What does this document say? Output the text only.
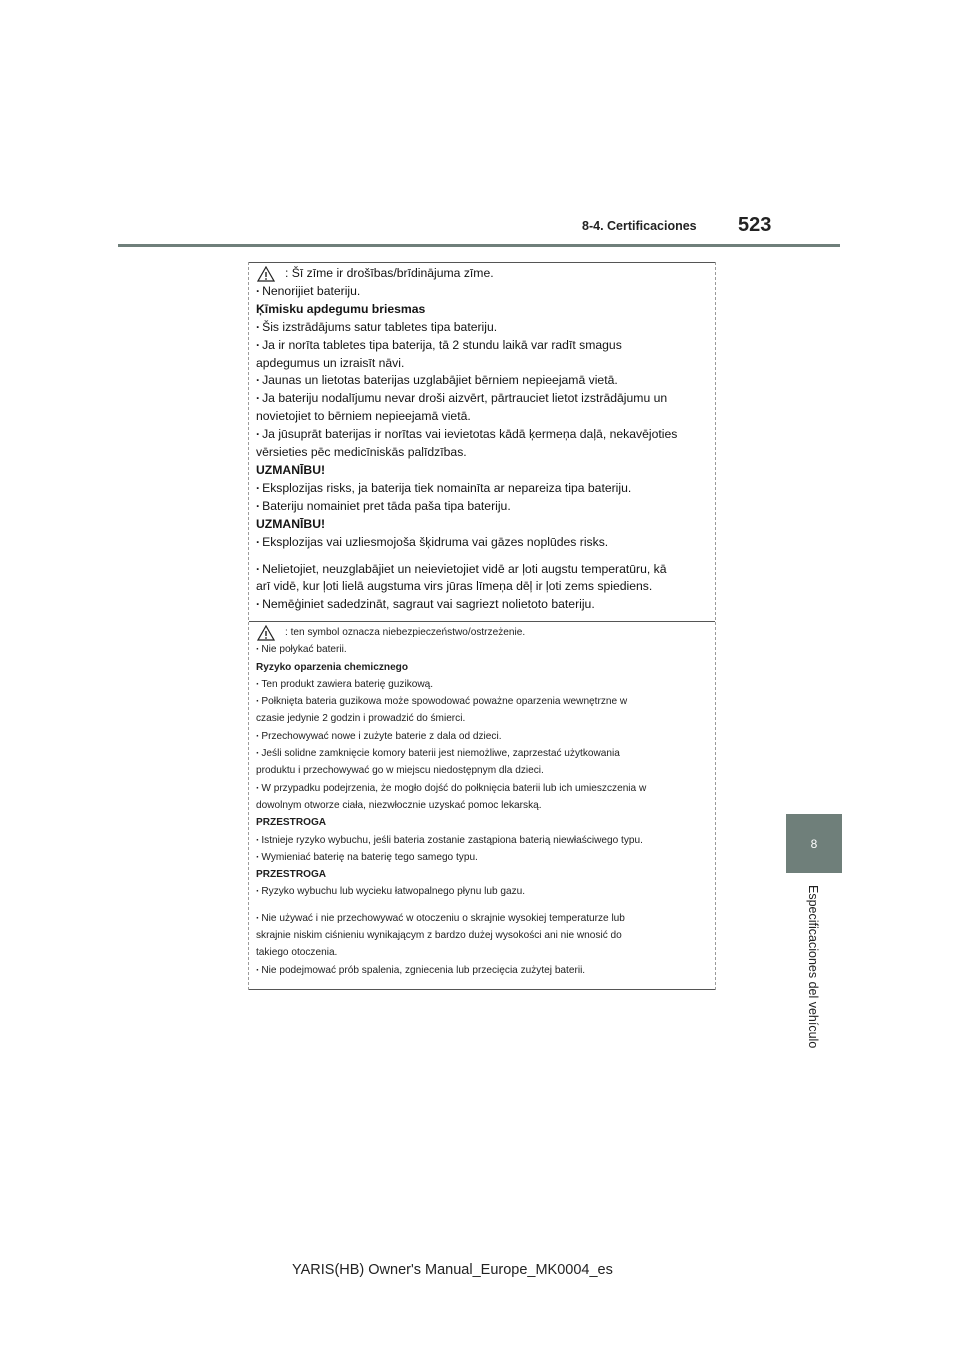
8-4. Certificaciones 523
8
Especificaciones del vehículo
: Šī zīme ir drošības/brīdinājuma zīme.
· Nenorijiet bateriju.
Ķīmisku apdegumu briesmas
· Šis izstrādājums satur tabletes tipa bateriju.
· Ja ir norīta tabletes tipa baterija, tā 2 stundu laikā var radīt smagus
apdegumus un izraisīt nāvi.
· Jaunas un lietotas baterijas uzglabājiet bērniem nepieejamā vietā.
· Ja bateriju nodalījumu nevar droši aizvērt, pārtrauciet lietot izstrādājumu un
novietojiet to bērniem nepieejamā vietā.
· Ja jūsuprāt baterijas ir norītas vai ievietotas kādā ķermeņa daļā, nekavējoties
vērsieties pēc medicīniskās palīdzības.
UZMANĪBU!
· Eksplozijas risks, ja baterija tiek nomainīta ar nepareiza tipa bateriju.
· Bateriju nomainiet pret tāda paša tipa bateriju.
UZMANĪBU!
· Eksplozijas vai uzliesmojoša šķidruma vai gāzes noplūdes risks.
· Nelietojiet, neuzglabājiet un neievietojiet vidē ar ļoti augstu temperatūru, kā
arī vidē, kur ļoti lielā augstuma virs jūras līmeņa dēļ ir ļoti zems spiediens.
· Nemēģiniet sadedzināt, sagraut vai sagriezt nolietoto bateriju.
: ten symbol oznacza niebezpieczeństwo/ostrzeżenie.
· Nie połykać baterii.
Ryzyko oparzenia chemicznego
· Ten produkt zawiera baterię guzikową.
· Połknięta bateria guzikowa może spowodować poważne oparzenia wewnętrzne w
czasie jedynie 2 godzin i prowadzić do śmierci.
· Przechowywać nowe i zużyte baterie z dala od dzieci.
· Jeśli solidne zamknięcie komory baterii jest niemożliwe, zaprzestać użytkowania
produktu i przechowywać go w miejscu niedostępnym dla dzieci.
· W przypadku podejrzenia, że mogło dojść do połknięcia baterii lub ich umieszczenia w
dowolnym otworze ciała, niezwłocznie uzyskać pomoc lekarską.
PRZESTROGA
· Istnieje ryzyko wybuchu, jeśli bateria zostanie zastąpiona baterią niewłaściwego typu.
· Wymieniać baterię na baterię tego samego typu.
PRZESTROGA
· Ryzyko wybuchu lub wycieku łatwopalnego płynu lub gazu.
· Nie używać i nie przechowywać w otoczeniu o skrajnie wysokiej temperaturze lub
skrajnie niskim ciśnieniu wynikającym z bardzo dużej wysokości ani nie wnosić do
takiego otoczenia.
· Nie podejmować prób spalenia, zgniecenia lub przecięcia zużytej baterii.
YARIS(HB) Owner's Manual_Europe_MK0004_es
